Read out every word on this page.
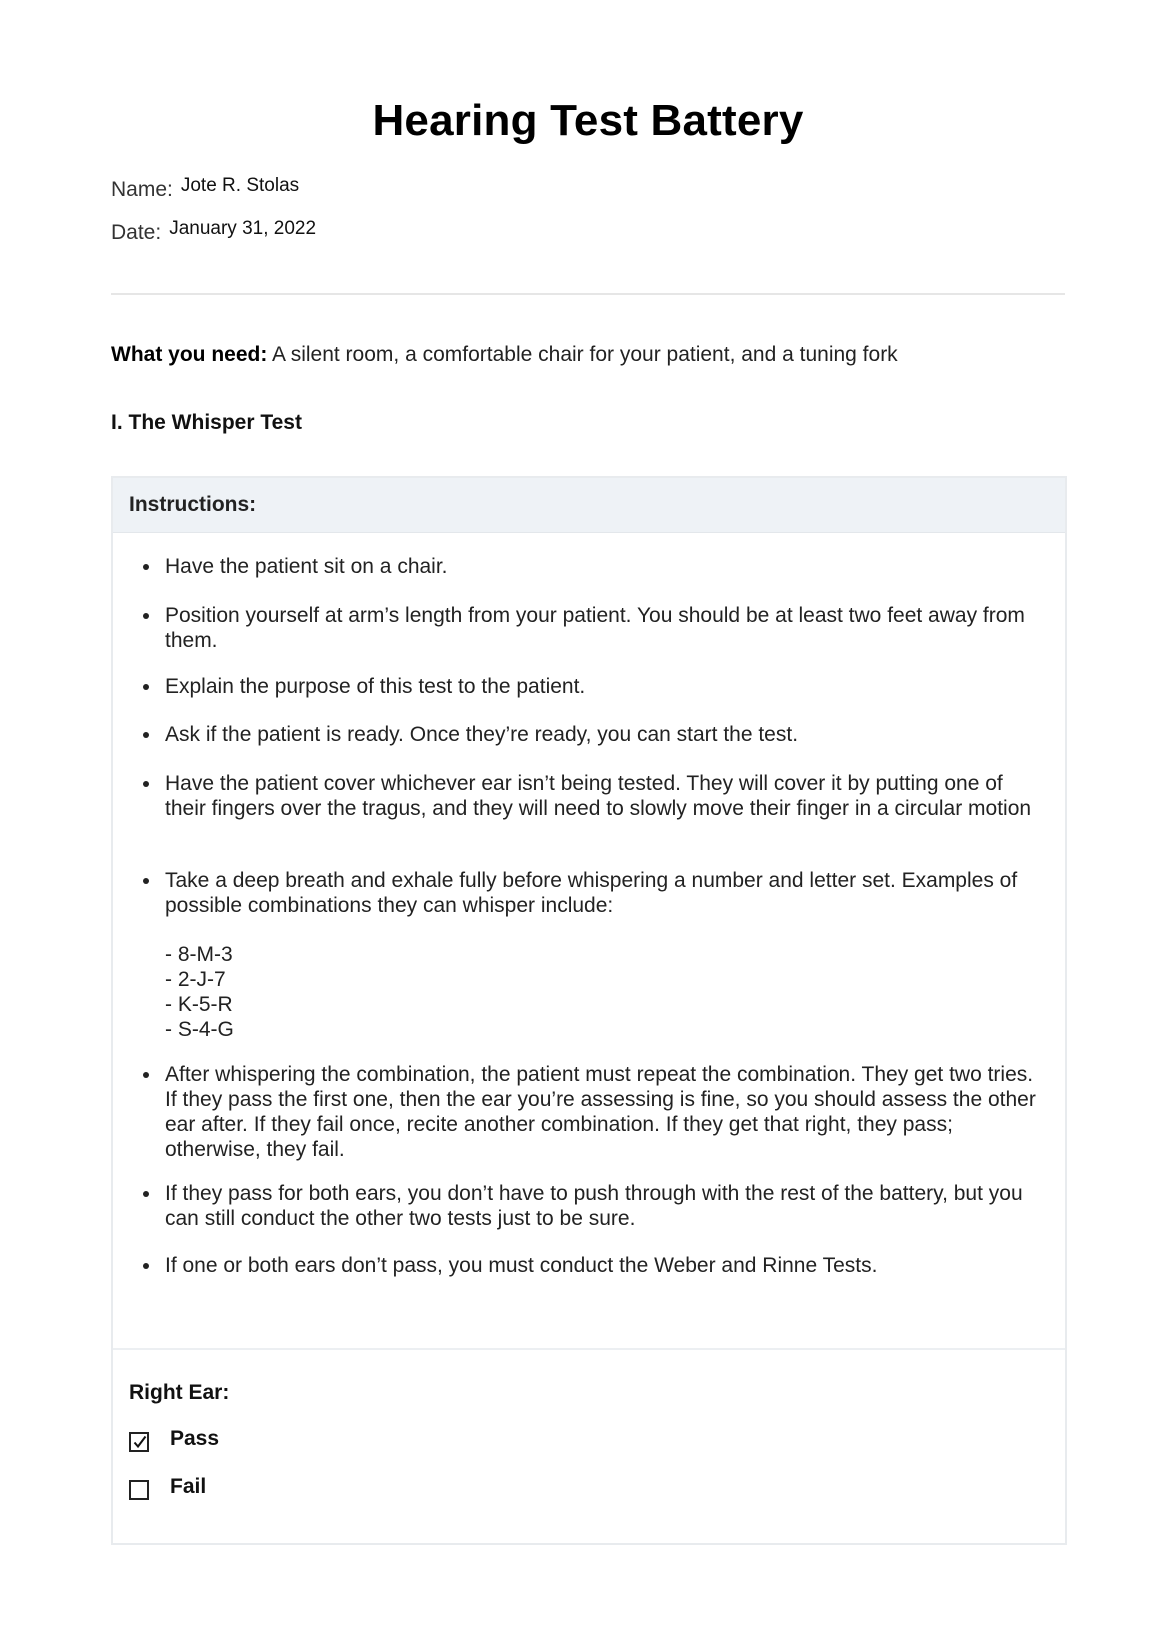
Hearing Test Battery
Name: Jote R. Stolas
Date: January 31, 2022
What you need: A silent room, a comfortable chair for your patient, and a tuning fork
I. The Whisper Test
Instructions:
Have the patient sit on a chair.
Position yourself at arm’s length from your patient. You should be at least two feet away from them.
Explain the purpose of this test to the patient.
Ask if the patient is ready. Once they’re ready, you can start the test.
Have the patient cover whichever ear isn’t being tested. They will cover it by putting one of their fingers over the tragus, and they will need to slowly move their finger in a circular motion
Take a deep breath and exhale fully before whispering a number and letter set. Examples of possible combinations they can whisper include:
- 8-M-3
- 2-J-7
- K-5-R
- S-4-G
After whispering the combination, the patient must repeat the combination. They get two tries. If they pass the first one, then the ear you’re assessing is fine, so you should assess the other ear after. If they fail once, recite another combination. If they get that right, they pass; otherwise, they fail.
If they pass for both ears, you don’t have to push through with the rest of the battery, but you can still conduct the other two tests just to be sure.
If one or both ears don’t pass, you must conduct the Weber and Rinne Tests.
Right Ear:
Pass
Fail
